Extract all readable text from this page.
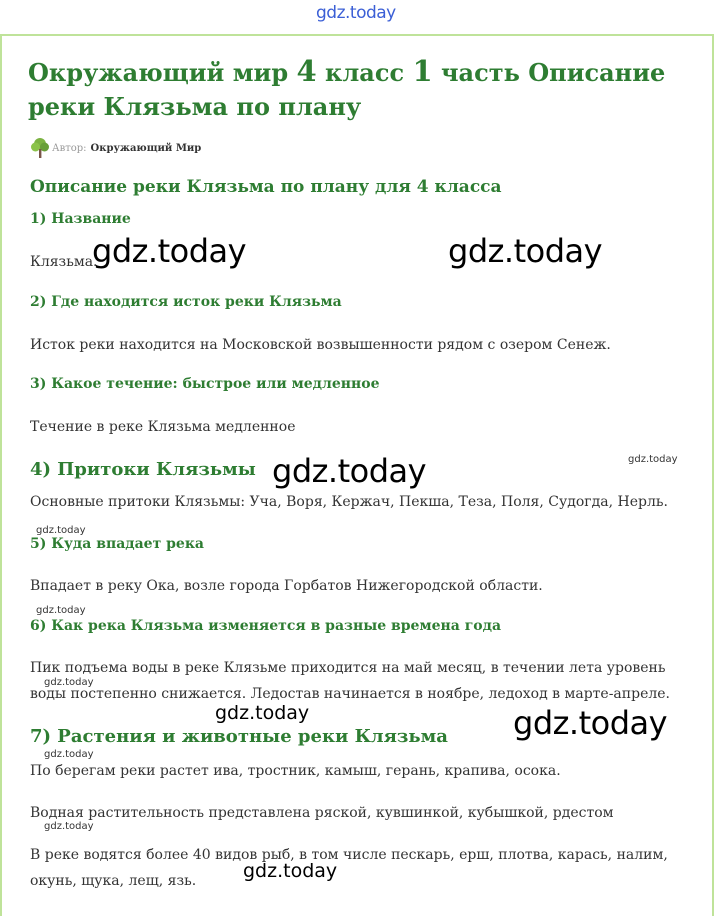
gdz.today
Окружающий мир 4 класс 1 часть Описание реки Клязьма по плану
Автор: Окружающий Мир
Описание реки Клязьма по плану для 4 класса
1) Название

Клязьма.

2) Где находится исток реки Клязьма

Исток реки находится на Московской возвышенности рядом с озером Сенеж.

3) Какое течение: быстрое или медленное

Течение в реке Клязьма медленное

4) Притоки Клязьмы

Основные притоки Клязьмы: Уча, Воря, Кержач, Пекша, Теза, Поля, Судогда, Нерль.

5) Куда впадает река

Впадает в реку Ока, возле города Горбатов Нижегородской области.

6) Как река Клязьма изменяется в разные времена года

Пик подъема воды в реке Клязьме приходится на май месяц, в течении лета уровень воды постепенно снижается. Ледостав начинается в ноябре, ледоход в марте-апреле.

7) Растения и животные реки Клязьма

По берегам реки растет ива, тростник, камыш, герань, крапива, осока.

Водная растительность представлена ряской, кувшинкой, кубышкой, рдестом

В реке водятся более 40 видов рыб, в том числе пескарь, ерш, плотва, карась, налим, окунь, щука, лещ, язь.

gdz.today	gdz.today
gdz.today
gdz.today
gdz.today
gdz.today
gdz.today
gdz.today
gdz.today
gdz.today
gdz.today
gdz.today
